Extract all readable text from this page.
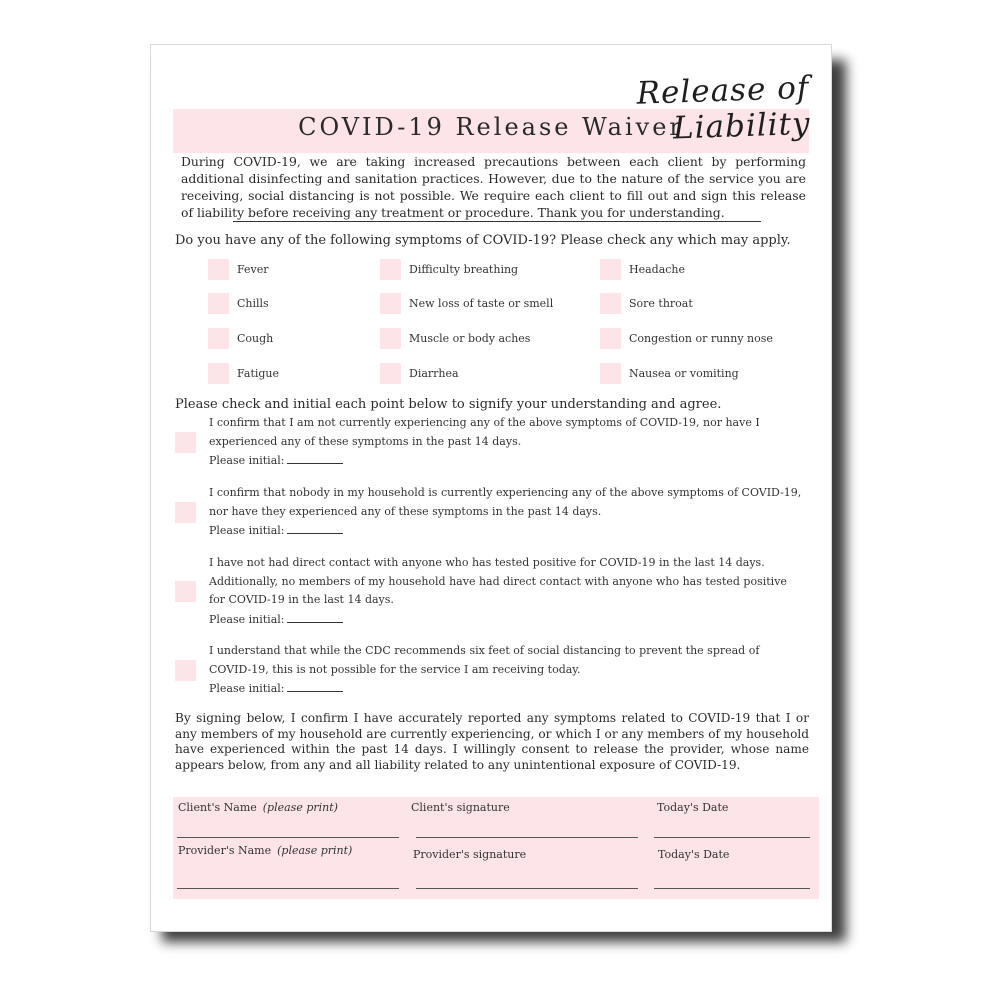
Release of Liability
COVID-19 Release Waiver
During COVID-19, we are taking increased precautions between each client by performing additional disinfecting and sanitation practices. However, due to the nature of the service you are receiving, social distancing is not possible. We require each client to fill out and sign this release of liability before receiving any treatment or procedure. Thank you for understanding.
Do you have any of the following symptoms of COVID-19? Please check any which may apply.
Fever	Difficulty breathing	Headache
Chills	New loss of taste or smell	Sore throat
Cough	Muscle or body aches	Congestion or runny nose
Fatigue	Diarrhea	Nausea or vomiting
Please check and initial each point below to signify your understanding and agree.
I confirm that I am not currently experiencing any of the above symptoms of COVID-19, nor have I
experienced any of these symptoms in the past 14 days.
Please initial:
I confirm that nobody in my household is currently experiencing any of the above symptoms of COVID-19,
nor have they experienced any of these symptoms in the past 14 days.
Please initial:
I have not had direct contact with anyone who has tested positive for COVID-19 in the last 14 days.
Additionally, no members of my household have had direct contact with anyone who has tested positive
for COVID-19 in the last 14 days.
Please initial:
I understand that while the CDC recommends six feet of social distancing to prevent the spread of
COVID-19, this is not possible for the service I am receiving today.
Please initial:
By signing below, I confirm I have accurately reported any symptoms related to COVID-19 that I or any members of my household are currently experiencing, or which I or any members of my household have experienced within the past 14 days. I willingly consent to release the provider, whose name appears below, from any and all liability related to any unintentional exposure of COVID-19.
Client's Name (please print)	Client's signature	Today's Date
Provider's Name (please print)	Provider's signature	Today's Date
